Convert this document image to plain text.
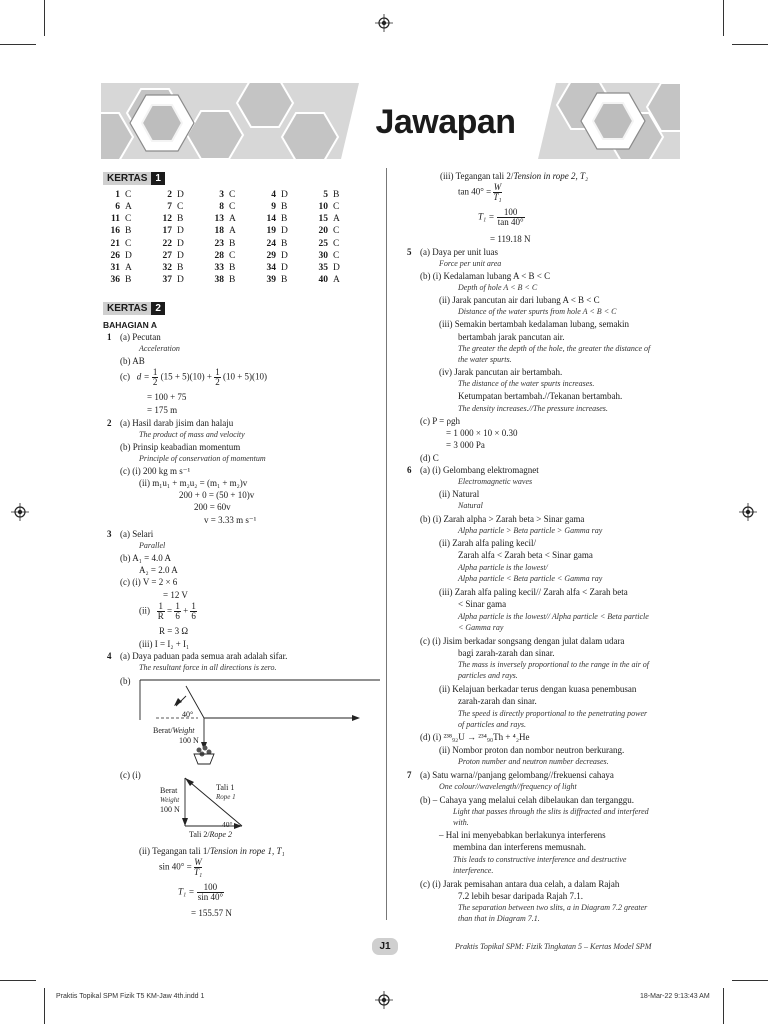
Jawapan
KERTAS 1
1	C	2	D	3	C	4	D	5	B
6	A	7	C	8	C	9	B	10	C
11	C	12	B	13	A	14	B	15	A
16	B	17	D	18	A	19	D	20	C
21	C	22	D	23	B	24	B	25	C
26	D	27	D	28	C	29	D	30	C
31	A	32	B	33	B	34	D	35	D
36	B	37	D	38	B	39	B	40	A
KERTAS 2
BAHAGIAN A
1 (a) Pecutan
Acceleration
(b) AB
(c) $d = \frac{1}{2} (15 + 5)(10) + \frac{1}{2} (10 + 5)(10)$
= 100 + 75
= 175 m
2 (a) Hasil darab jisim dan halaju
The product of mass and velocity
(b) Prinsip keabadian momentum
Principle of conservation of momentum
(c) (i) 200 kg m s⁻¹
(ii) m₁u₁ + m₂u₂ = (m₁ + m₂)v
200 + 0 = (50 + 10)v
200 = 60v
v = 3.33 m s⁻¹
3 (a) Selari
Parallel
(b) A₁ = 4.0 A
A₂ = 2.0 A
(c) (i) V = 2 × 6
= 12 V
$(ii) \frac{1}{R} = \frac{1}{6} + \frac{1}{6}$
R = 3 Ω
(iii) I = I₂ + I₁
4 (a) Daya paduan pada semua arah adalah sifar.
The resultant force in all directions is zero.
(b)
40°
Berat/Weight
100 N
(c) (i)
Berat
Weight
100 N
Tali 1
Rope 1
40°
Tali 2/Rope 2
(ii) Tegangan tali 1/Tension in rope 1, T₁
$\sin 40^\circ = \frac{W}{\text{T₁}}$
$T_1 = \frac{100}{\sin 40^\circ}$
= 155.57 N
(iii) Tegangan tali 2/Tension in rope 2, T₂
$\tan 40^\circ = \frac{W}{\text{T₁}}$
$T_1 = \frac{100}{\tan 40^\circ}$
= 119.18 N
5 (a) Daya per unit luas
Force per unit area
(b) (i) Kedalaman lubang A < B < C
Depth of hole A < B < C
(ii) Jarak pancutan air dari lubang A < B < C
Distance of the water spurts from hole A < B < C
(iii) Semakin bertambah kedalaman lubang, semakin
bertambah jarak pancutan air.
The greater the depth of the hole, the greater the distance of
the water spurts.
(iv) Jarak pancutan air bertambah.
The distance of the water spurts increases.
Ketumpatan bertambah.//Tekanan bertambah.
The density increases.//The pressure increases.
(c) P = ρgh
= 1 000 × 10 × 0.30
= 3 000 Pa
(d) C
6 (a) (i) Gelombang elektromagnet
Electromagnetic waves
(ii) Natural
Natural
(b) (i) Zarah alpha > Zarah beta > Sinar gama
Alpha particle > Beta particle > Gamma ray
(ii) Zarah alfa paling kecil/
Zarah alfa < Zarah beta < Sinar gama
Alpha particle is the lowest/
Alpha particle < Beta particle < Gamma ray
(iii) Zarah alfa paling kecil// Zarah alfa < Zarah beta
< Sinar gama
Alpha particle is the lowest// Alpha particle < Beta particle
< Gamma ray
(c) (i) Jisim berkadar songsang dengan julat dalam udara
bagi zarah-zarah dan sinar.
The mass is inversely proportional to the range in the air of
particles and rays.
(ii) Kelajuan berkadar terus dengan kuasa penembusan
zarah-zarah dan sinar.
The speed is directly proportional to the penetrating power
of particles and rays.
(d) (i) ²³⁸₉₂U → ²³⁴₉₀Th + ⁴₂He
(ii) Nombor proton dan nombor neutron berkurang.
Proton number and neutron number decreases.
7 (a) Satu warna//panjang gelombang//frekuensi cahaya
One colour//wavelength//frequency of light
(b) – Cahaya yang melalui celah dibelaukan dan terganggu.
Light that passes through the slits is diffracted and interfered
with.
– Hal ini menyebabkan berlakunya interferens
membina dan interferens memusnah.
This leads to constructive interference and destructive
interference.
(c) (i) Jarak pemisahan antara dua celah, a dalam Rajah
7.2 lebih besar daripada Rajah 7.1.
The separation between two slits, a in Diagram 7.2 greater
than that in Diagram 7.1.
J1	Praktis Topikal SPM: Fizik Tingkatan 5 – Kertas Model SPM
Praktis Topikal SPM Fizik T5 KM-Jaw 4th.indd 1	18-Mar-22 9:13:43 AM
